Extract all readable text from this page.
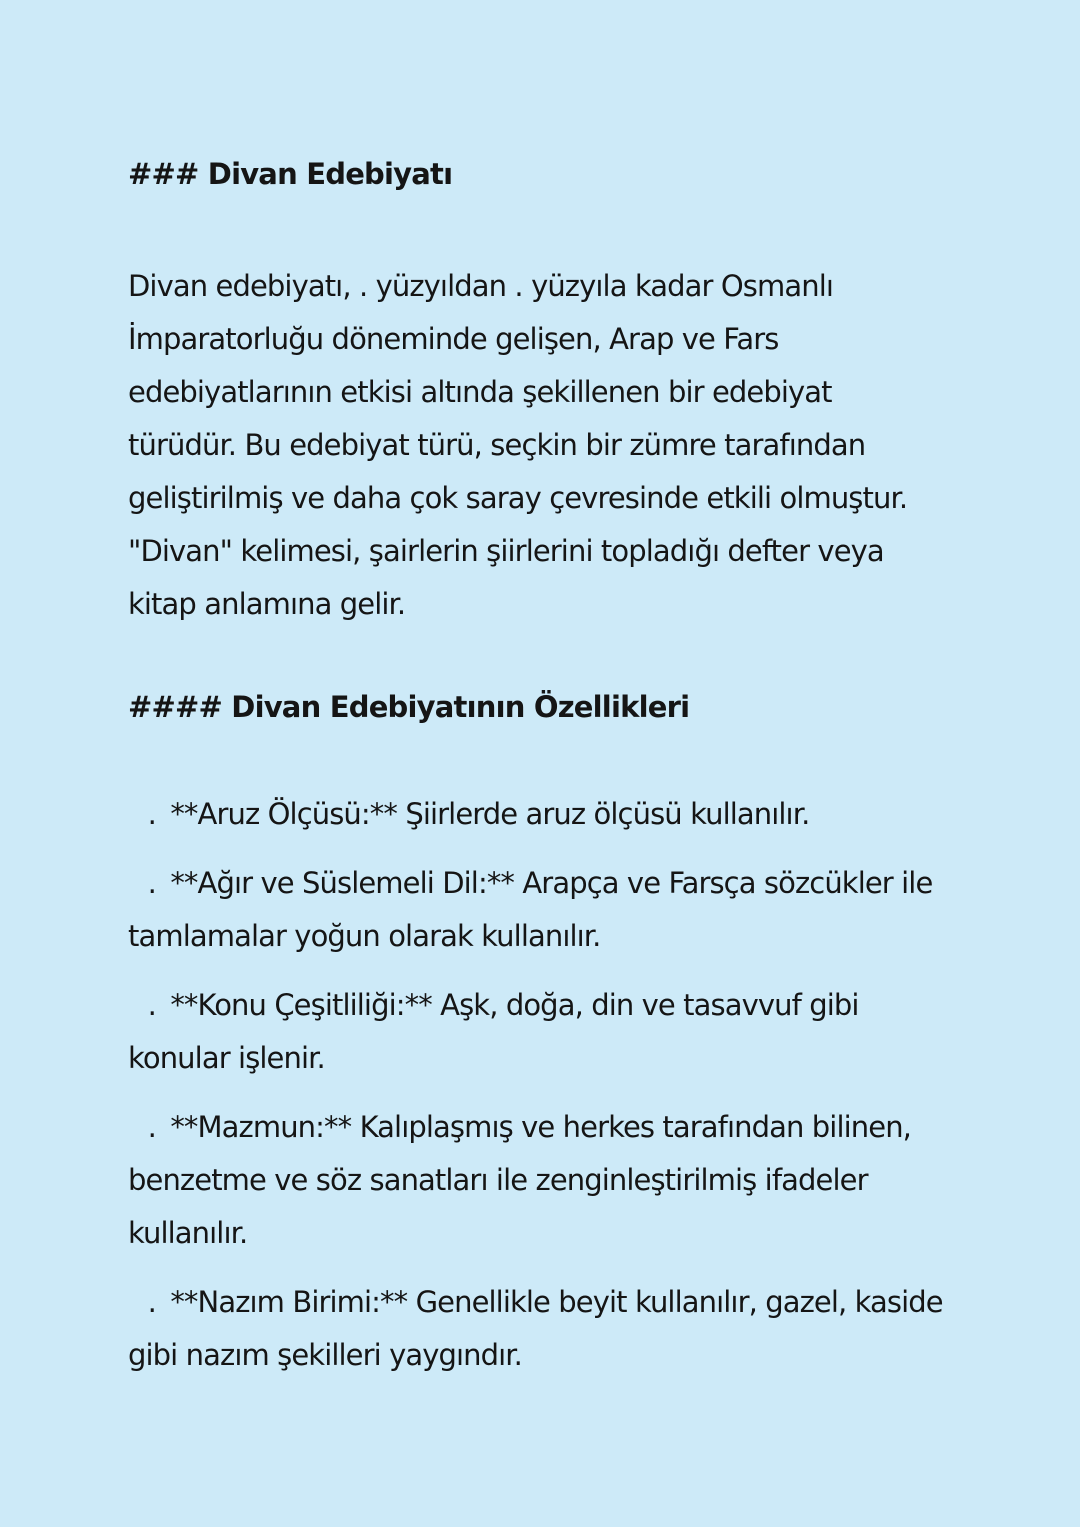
### Divan Edebiyatı

Divan edebiyatı, . yüzyıldan . yüzyıla kadar Osmanlı İmparatorluğu döneminde gelişen, Arap ve Fars edebiyatlarının etkisi altında şekillenen bir edebiyat türüdür. Bu edebiyat türü, seçkin bir zümre tarafından geliştirilmiş ve daha çok saray çevresinde etkili olmuştur. "Divan" kelimesi, şairlerin şiirlerini topladığı defter veya kitap anlamına gelir.

#### Divan Edebiyatının Özellikleri
. **Aruz Ölçüsü:** Şiirlerde aruz ölçüsü kullanılır.
. **Ağır ve Süslemeli Dil:** Arapça ve Farsça sözcükler ile tamlamalar yoğun olarak kullanılır.
. **Konu Çeşitliliği:** Aşk, doğa, din ve tasavvuf gibi konular işlenir.
. **Mazmun:** Kalıplaşmış ve herkes tarafından bilinen, benzetme ve söz sanatları ile zenginleştirilmiş ifadeler kullanılır.
. **Nazım Birimi:** Genellikle beyit kullanılır, gazel, kaside gibi nazım şekilleri yaygındır.
